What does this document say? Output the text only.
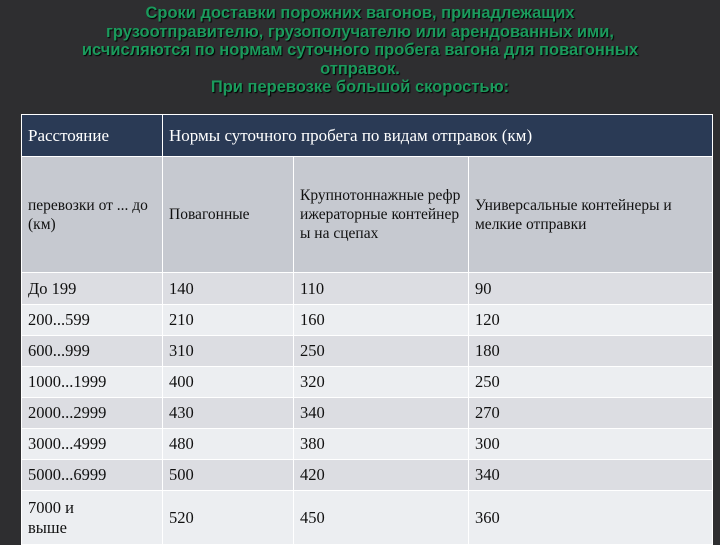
Сроки доставки порожних вагонов, принадлежащих
грузоотправителю, грузополучателю или арендованных ими,
исчисляются по нормам суточного пробега вагона для повагонных
отправок.
При перевозке большой скоростью:
Расстояние	Нормы суточного пробега по видам отправок (км)		
перевозки от ... до (км)	Повагонные	Крупнотоннажные рефрижераторные контейнеры на сцепах	Универсальные контейнеры и мелкие отправки
До 199	140	110	90
200...599	210	160	120
600...999	310	250	180
1000...1999	400	320	250
2000...2999	430	340	270
3000...4999	480	380	300
5000...6999	500	420	340

7000 и выше	520	450	360
